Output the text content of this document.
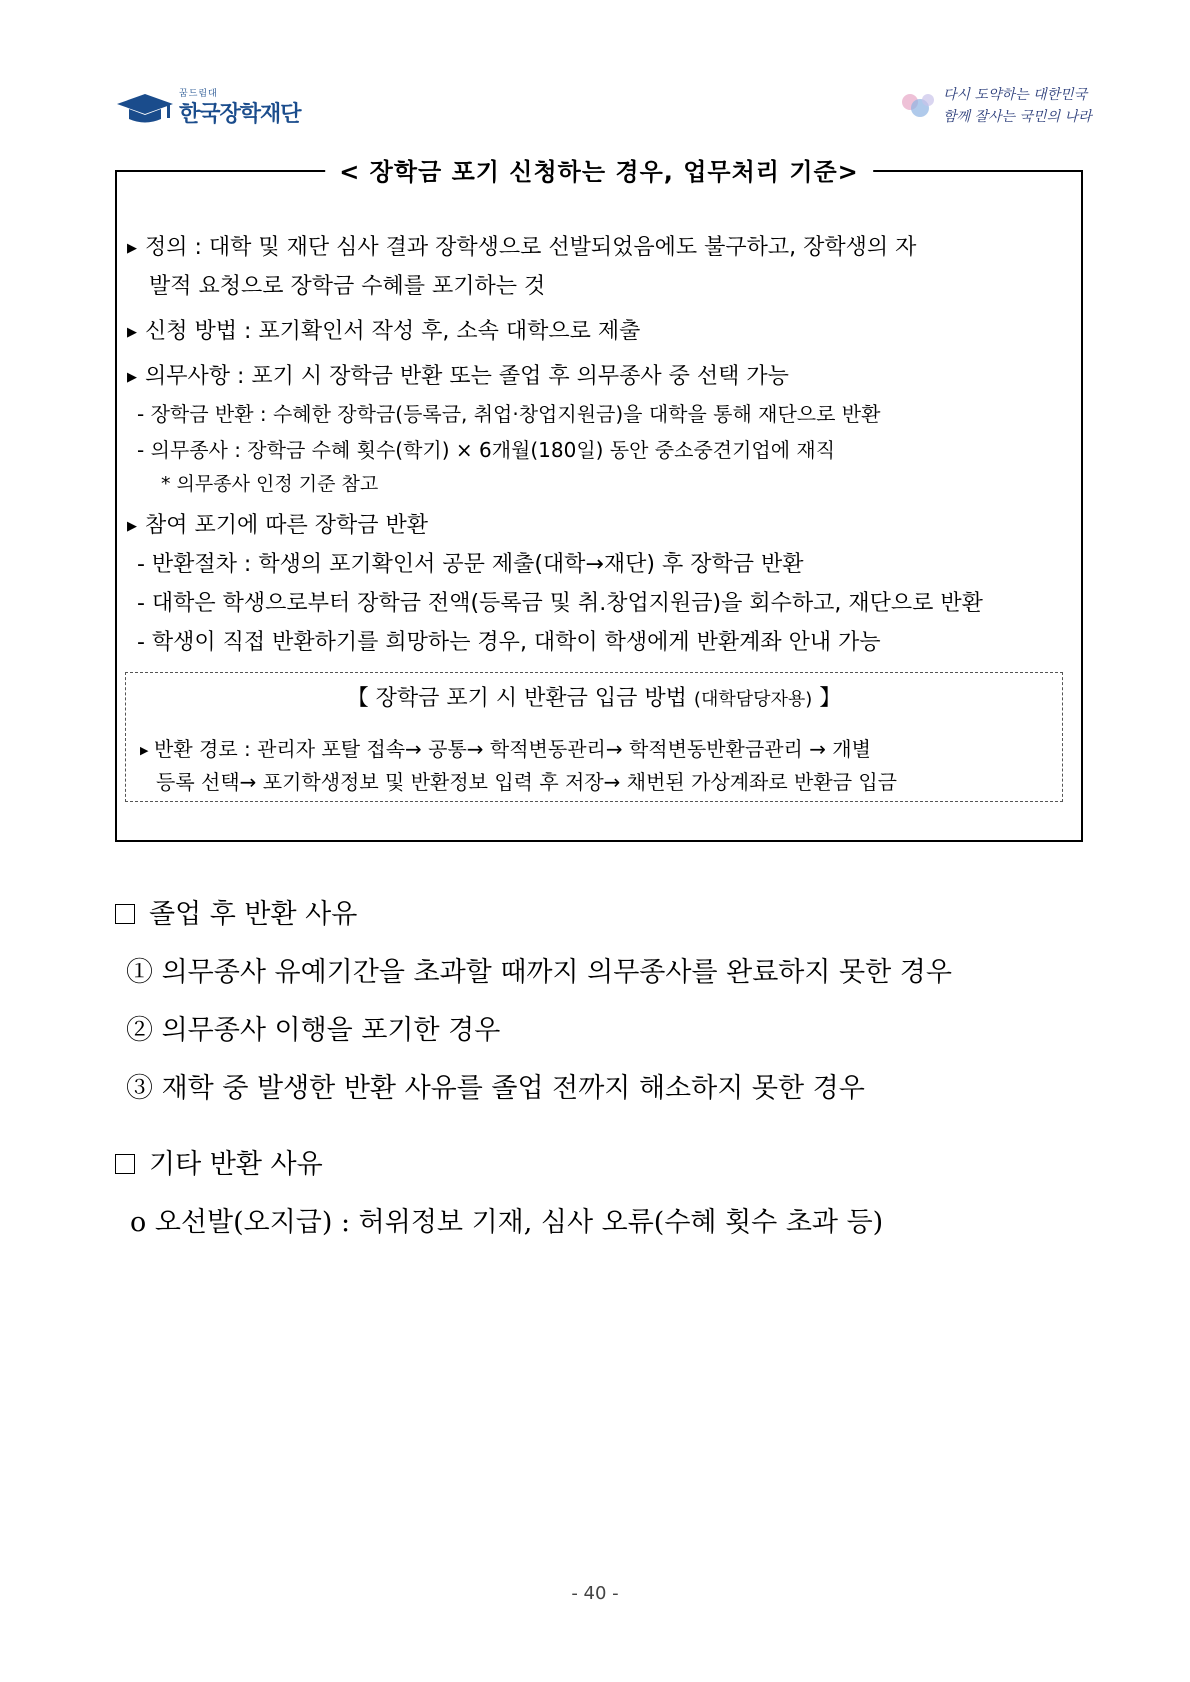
꿈드림대
한국장학재단
다시 도약하는 대한민국
함께 잘사는 국민의 나라
< 장학금 포기 신청하는 경우, 업무처리 기준>
▶ 정의 : 대학 및 재단 심사 결과 장학생으로 선발되었음에도 불구하고, 장학생의 자
발적 요청으로 장학금 수혜를 포기하는 것
▶ 신청 방법 : 포기확인서 작성 후, 소속 대학으로 제출
▶ 의무사항 : 포기 시 장학금 반환 또는 졸업 후 의무종사 중 선택 가능
- 장학금 반환 : 수혜한 장학금(등록금, 취업·창업지원금)을 대학을 통해 재단으로 반환
- 의무종사 : 장학금 수혜 횟수(학기) × 6개월(180일) 동안 중소중견기업에 재직
* 의무종사 인정 기준 참고
▶ 참여 포기에 따른 장학금 반환
- 반환절차 : 학생의 포기확인서 공문 제출(대학→재단) 후 장학금 반환
- 대학은 학생으로부터 장학금 전액(등록금 및 취.창업지원금)을 회수하고, 재단으로 반환
- 학생이 직접 반환하기를 희망하는 경우, 대학이 학생에게 반환계좌 안내 가능
【 장학금 포기 시 반환금 입금 방법 (대학담당자용) 】
▶ 반환 경로 : 관리자 포탈 접속→ 공통→ 학적변동관리→ 학적변동반환금관리 → 개별
등록 선택→ 포기학생정보 및 반환정보 입력 후 저장→ 채번된 가상계좌로 반환금 입금
졸업 후 반환 사유
① 의무종사 유예기간을 초과할 때까지 의무종사를 완료하지 못한 경우
② 의무종사 이행을 포기한 경우
③ 재학 중 발생한 반환 사유를 졸업 전까지 해소하지 못한 경우
기타 반환 사유
o 오선발(오지급) : 허위정보 기재, 심사 오류(수혜 횟수 초과 등)
- 40 -
